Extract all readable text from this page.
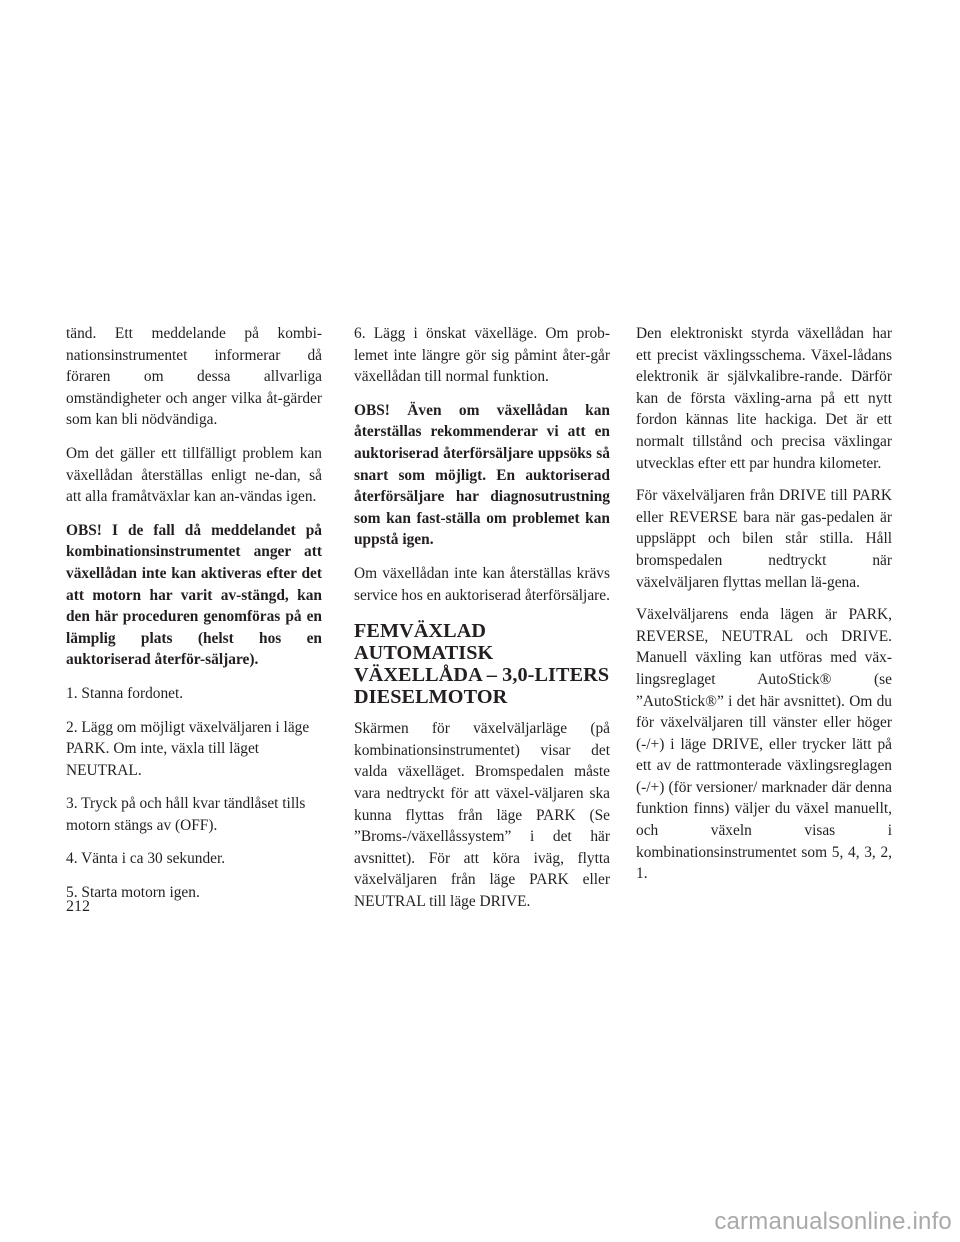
tänd. Ett meddelande på kombi-nationsinstrumentet informerar då föraren om dessa allvarliga omständigheter och anger vilka åt-gärder som kan bli nödvändiga.

Om det gäller ett tillfälligt problem kan växellådan återställas enligt ne-dan, så att alla framåtväxlar kan an-vändas igen.

OBS! I de fall då meddelandet på kombinationsinstrumentet anger att växellådan inte kan aktiveras efter det att motorn har varit av-stängd, kan den här proceduren genomföras på en lämplig plats (helst hos en auktoriserad återför-säljare).

1. Stanna fordonet.

2. Lägg om möjligt växelväljaren i läge PARK. Om inte, växla till läget NEUTRAL.

3. Tryck på och håll kvar tändlåset tills motorn stängs av (OFF).

4. Vänta i ca 30 sekunder.

5. Starta motorn igen.

6. Lägg i önskat växelläge. Om prob-lemet inte längre gör sig påmint åter-går växellådan till normal funktion.

OBS! Även om växellådan kan återställas rekommenderar vi att en auktoriserad återförsäljare uppsöks så snart som möjligt. En auktoriserad återförsäljare har diagnosutrustning som kan fast-ställa om problemet kan uppstå igen.

Om växellådan inte kan återställas krävs service hos en auktoriserad återförsäljare.

FEMVÄXLAD AUTOMATISK VÄXELLÅDA – 3,0-LITERS DIESELMOTOR

Skärmen för växelväljarläge (på kombinationsinstrumentet) visar det valda växelläget. Bromspedalen måste vara nedtryckt för att växel-väljaren ska kunna flyttas från läge PARK (Se ”Broms-/växellåssystem” i det här avsnittet). För att köra iväg, flytta växelväljaren från läge PARK eller NEUTRAL till läge DRIVE.

Den elektroniskt styrda växellådan har ett precist växlingsschema. Växel-lådans elektronik är självkalibre-rande. Därför kan de första växling-arna på ett nytt fordon kännas lite hackiga. Det är ett normalt tillstånd och precisa växlingar utvecklas efter ett par hundra kilometer.

För växelväljaren från DRIVE till PARK eller REVERSE bara när gas-pedalen är uppsläppt och bilen står stilla. Håll bromspedalen nedtryckt när växelväljaren flyttas mellan lä-gena.

Växelväljarens enda lägen är PARK, REVERSE, NEUTRAL och DRIVE. Manuell växling kan utföras med väx-lingsreglaget AutoStick® (se ”AutoStick®” i det här avsnittet). Om du för växelväljaren till vänster eller höger (-/+) i läge DRIVE, eller trycker lätt på ett av de rattmonterade växlingsreglagen (-/+) (för versioner/ marknader där denna funktion finns) väljer du växel manuellt, och växeln visas i kombinationsinstrumentet som 5, 4, 3, 2, 1.

212
carmanualsonline.info
